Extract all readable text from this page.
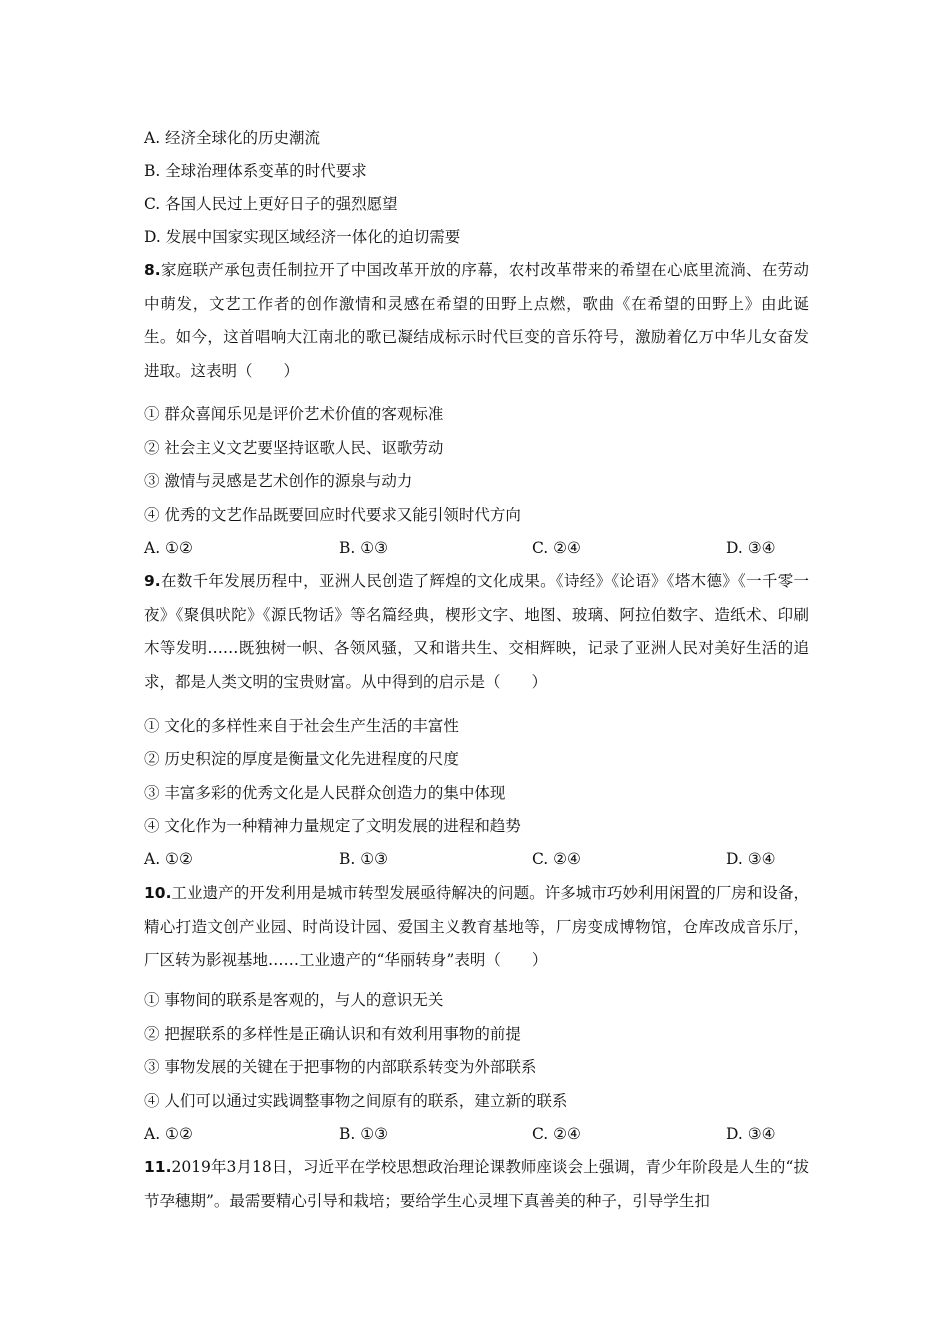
A. 经济全球化的历史潮流
B. 全球治理体系变革的时代要求
C. 各国人民过上更好日子的强烈愿望
D. 发展中国家实现区域经济一体化的迫切需要
8.家庭联产承包责任制拉开了中国改革开放的序幕，农村改革带来的希望在心底里流淌、在劳动中萌发，文艺工作者的创作激情和灵感在希望的田野上点燃，歌曲《在希望的田野上》由此诞生。如今，这首唱响大江南北的歌已凝结成标示时代巨变的音乐符号，激励着亿万中华儿女奋发进取。这表明（　　）
① 群众喜闻乐见是评价艺术价值的客观标准
② 社会主义文艺要坚持讴歌人民、讴歌劳动
③ 激情与灵感是艺术创作的源泉与动力
④ 优秀的文艺作品既要回应时代要求又能引领时代方向
A. ①②	B. ①③	C. ②④	D. ③④
9.在数千年发展历程中，亚洲人民创造了辉煌的文化成果。《诗经》《论语》《塔木德》《一千零一夜》《聚俱吠陀》《源氏物话》等名篇经典，楔形文字、地图、玻璃、阿拉伯数字、造纸术、印刷木等发明……既独树一帜、各领风骚，又和谐共生、交相辉映，记录了亚洲人民对美好生活的追求，都是人类文明的宝贵财富。从中得到的启示是（　　）
① 文化的多样性来自于社会生产生活的丰富性
② 历史积淀的厚度是衡量文化先进程度的尺度
③ 丰富多彩的优秀文化是人民群众创造力的集中体现
④ 文化作为一种精神力量规定了文明发展的进程和趋势
A. ①②	B. ①③	C. ②④	D. ③④
10.工业遗产的开发利用是城市转型发展亟待解决的问题。许多城市巧妙利用闲置的厂房和设备，精心打造文创产业园、时尚设计园、爱国主义教育基地等，厂房变成博物馆，仓库改成音乐厅，厂区转为影视基地……工业遗产的“华丽转身”表明（　　）
① 事物间的联系是客观的，与人的意识无关
② 把握联系的多样性是正确认识和有效利用事物的前提
③ 事物发展的关键在于把事物的内部联系转变为外部联系
④ 人们可以通过实践调整事物之间原有的联系，建立新的联系
A. ①②	B. ①③	C. ②④	D. ③④
11.2019年3月18日，习近平在学校思想政治理论课教师座谈会上强调，青少年阶段是人生的“拔节孕穗期”。最需要精心引导和栽培；要给学生心灵埋下真善美的种子，引导学生扣
